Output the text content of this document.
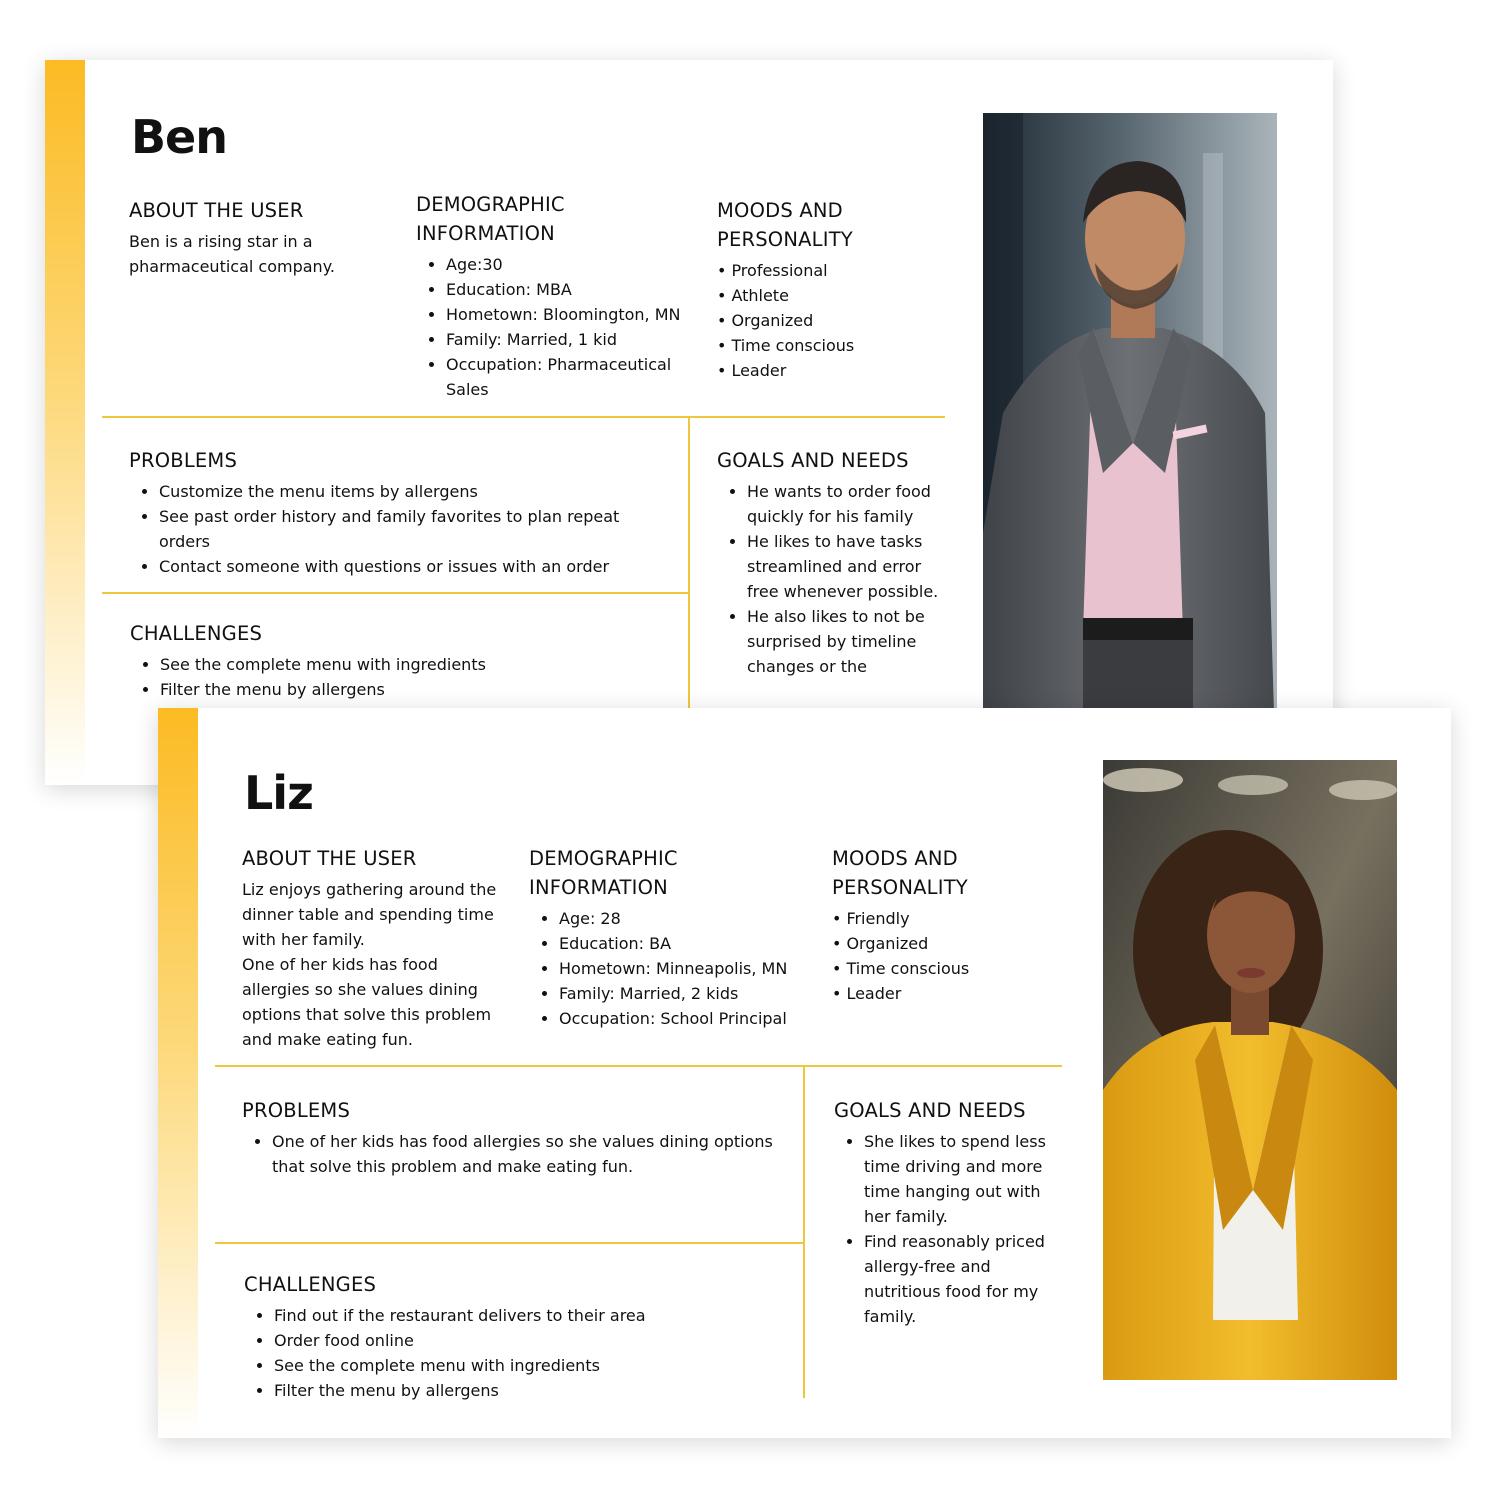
Ben
ABOUT THE USER
Ben is a rising star in a pharmaceutical company.
DEMOGRAPHIC
INFORMATION
• Age:30
• Education: MBA
• Hometown: Bloomington, MN
• Family: Married, 1 kid
• Occupation: Pharmaceutical Sales
MOODS AND
PERSONALITY
• Professional
• Athlete
• Organized
• Time conscious
• Leader
PROBLEMS
• Customize the menu items by allergens
• See past order history and family favorites to plan repeat orders
• Contact someone with questions or issues with an order
CHALLENGES
• See the complete menu with ingredients
• Filter the menu by allergens
GOALS AND NEEDS
• He wants to order food quickly for his family
• He likes to have tasks streamlined and error free whenever possible.
• He also likes to not be surprised by timeline changes or the
Liz
ABOUT THE USER
Liz enjoys gathering around the dinner table and spending time with her family.
One of her kids has food allergies so she values dining options that solve this problem and make eating fun.
DEMOGRAPHIC
INFORMATION
• Age: 28
• Education: BA
• Hometown: Minneapolis, MN
• Family: Married, 2 kids
• Occupation: School Principal
MOODS AND
PERSONALITY
• Friendly
• Organized
• Time conscious
• Leader
PROBLEMS
• One of her kids has food allergies so she values dining options that solve this problem and make eating fun.
CHALLENGES
• Find out if the restaurant delivers to their area
• Order food online
• See the complete menu with ingredients
• Filter the menu by allergens
GOALS AND NEEDS
• She likes to spend less time driving and more time hanging out with her family.
• Find reasonably priced allergy-free and nutritious food for my family.
